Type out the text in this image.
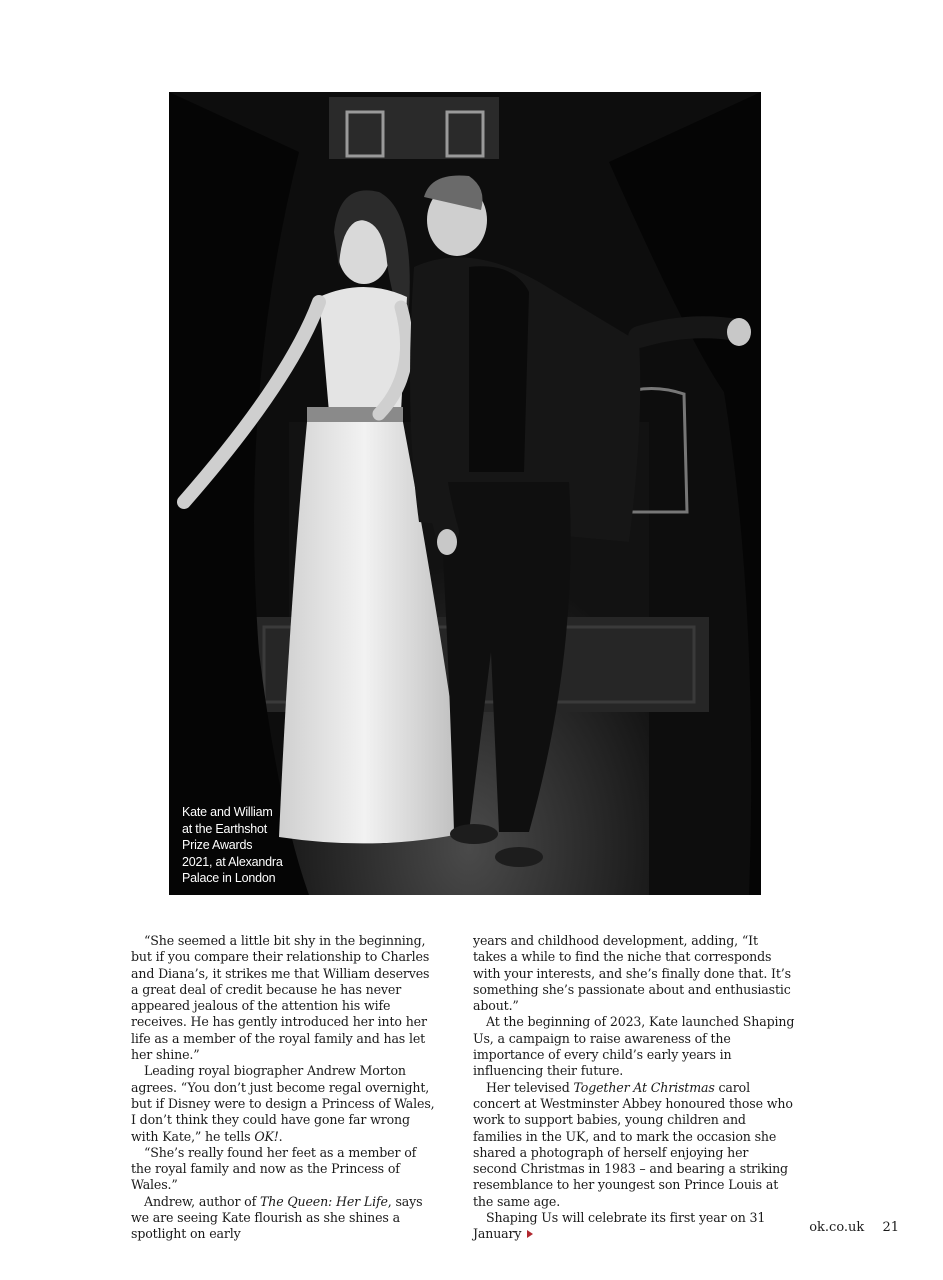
Kate and William
at the Earthshot
Prize Awards
2021, at Alexandra
Palace in London

“She seemed a little bit shy in the beginning, but if you compare their relationship to Charles and Diana’s, it strikes me that William deserves a great deal of credit because he has never appeared jealous of the attention his wife receives. He has gently introduced her into her life as a member of the royal family and has let her shine.”

Leading royal biographer Andrew Morton agrees. “You don’t just become regal overnight, but if Disney were to design a Princess of Wales, I don’t think they could have gone far wrong with Kate,” he tells OK!.

“She’s really found her feet as a member of the royal family and now as the Princess of Wales.”

Andrew, author of The Queen: Her Life, says we are seeing Kate flourish as she shines a spotlight on early

years and childhood development, adding, “It takes a while to find the niche that corresponds with your interests, and she’s finally done that. It’s something she’s passionate about and enthusiastic about.”

At the beginning of 2023, Kate launched Shaping Us, a campaign to raise awareness of the importance of every child’s early years in influencing their future.

Her televised Together At Christmas carol concert at Westminster Abbey honoured those who work to support babies, young children and families in the UK, and to mark the occasion she shared a photograph of herself enjoying her second Christmas in 1983 – and bearing a striking resemblance to her youngest son Prince Louis at the same age.

Shaping Us will celebrate its first year on 31 January	ok.co.uk 21
